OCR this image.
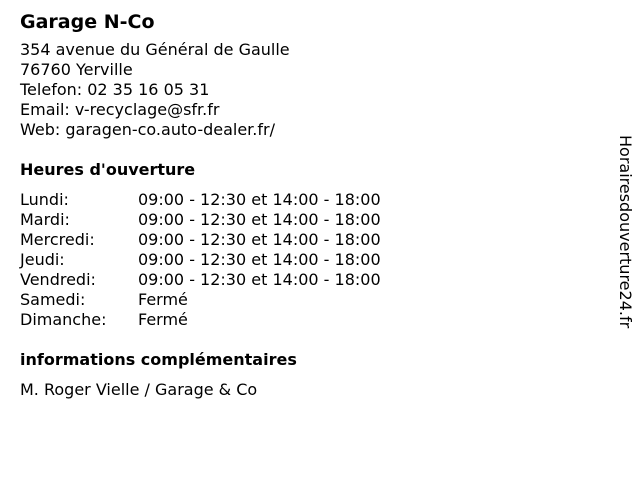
Garage N-Co
354 avenue du Général de Gaulle
76760 Yerville
Telefon: 02 35 16 05 31
Email: v-recyclage@sfr.fr
Web: garagen-co.auto-dealer.fr/
Heures d'ouverture
Lundi:	09:00 - 12:30 et 14:00 - 18:00
Mardi:	09:00 - 12:30 et 14:00 - 18:00
Mercredi:	09:00 - 12:30 et 14:00 - 18:00
Jeudi:	09:00 - 12:30 et 14:00 - 18:00
Vendredi:	09:00 - 12:30 et 14:00 - 18:00
Samedi:	Fermé
Dimanche:	Fermé
informations complémentaires
M. Roger Vielle / Garage & Co
Horairesdouverture24.fr
